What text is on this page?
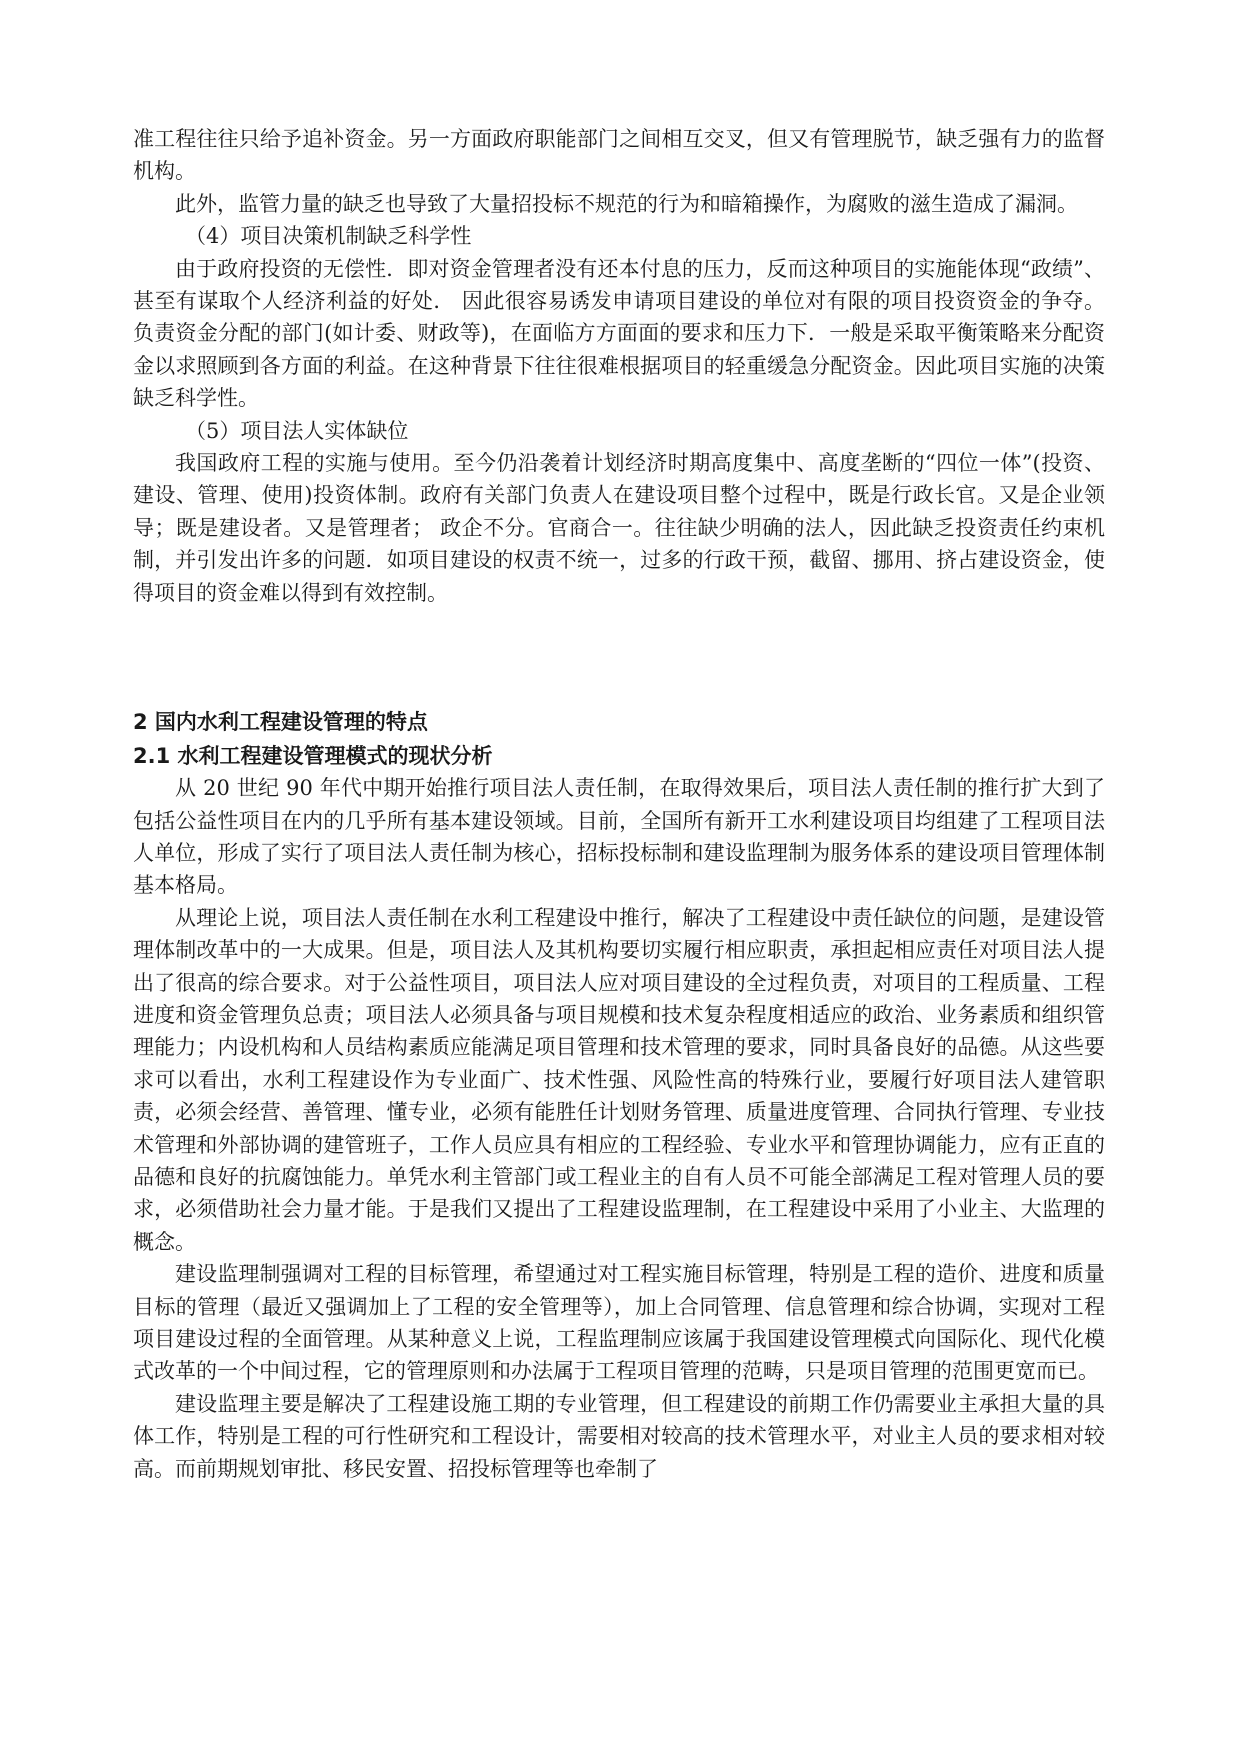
准工程往往只给予追补资金。另一方面政府职能部门之间相互交叉，但又有管理脱节，缺乏强有力的监督机构。

此外，监管力量的缺乏也导致了大量招投标不规范的行为和暗箱操作，为腐败的滋生造成了漏洞。

（4）项目决策机制缺乏科学性

由于政府投资的无偿性．即对资金管理者没有还本付息的压力，反而这种项目的实施能体现“政绩”、甚至有谋取个人经济利益的好处． 因此很容易诱发申请项目建设的单位对有限的项目投资资金的争夺。负责资金分配的部门(如计委、财政等)，在面临方方面面的要求和压力下．一般是采取平衡策略来分配资金以求照顾到各方面的利益。在这种背景下往往很难根据项目的轻重缓急分配资金。因此项目实施的决策缺乏科学性。

（5）项目法人实体缺位

我国政府工程的实施与使用。至今仍沿袭着计划经济时期高度集中、高度垄断的“四位一体”(投资、建设、管理、使用)投资体制。政府有关部门负责人在建设项目整个过程中，既是行政长官。又是企业领导；既是建设者。又是管理者； 政企不分。官商合一。往往缺少明确的法人，因此缺乏投资责任约束机制，并引发出许多的问题．如项目建设的权责不统一，过多的行政干预，截留、挪用、挤占建设资金，使得项目的资金难以得到有效控制。

2 国内水利工程建设管理的特点
2.1 水利工程建设管理模式的现状分析

从 20 世纪 90 年代中期开始推行项目法人责任制，在取得效果后，项目法人责任制的推行扩大到了包括公益性项目在内的几乎所有基本建设领域。目前，全国所有新开工水利建设项目均组建了工程项目法人单位，形成了实行了项目法人责任制为核心，招标投标制和建设监理制为服务体系的建设项目管理体制基本格局。

从理论上说，项目法人责任制在水利工程建设中推行，解决了工程建设中责任缺位的问题，是建设管理体制改革中的一大成果。但是，项目法人及其机构要切实履行相应职责，承担起相应责任对项目法人提出了很高的综合要求。对于公益性项目，项目法人应对项目建设的全过程负责，对项目的工程质量、工程进度和资金管理负总责；项目法人必须具备与项目规模和技术复杂程度相适应的政治、业务素质和组织管理能力；内设机构和人员结构素质应能满足项目管理和技术管理的要求，同时具备良好的品德。从这些要求可以看出，水利工程建设作为专业面广、技术性强、风险性高的特殊行业，要履行好项目法人建管职责，必须会经营、善管理、懂专业，必须有能胜任计划财务管理、质量进度管理、合同执行管理、专业技术管理和外部协调的建管班子，工作人员应具有相应的工程经验、专业水平和管理协调能力，应有正直的品德和良好的抗腐蚀能力。单凭水利主管部门或工程业主的自有人员不可能全部满足工程对管理人员的要求，必须借助社会力量才能。于是我们又提出了工程建设监理制，在工程建设中采用了小业主、大监理的概念。

建设监理制强调对工程的目标管理，希望通过对工程实施目标管理，特别是工程的造价、进度和质量目标的管理（最近又强调加上了工程的安全管理等），加上合同管理、信息管理和综合协调，实现对工程项目建设过程的全面管理。从某种意义上说，工程监理制应该属于我国建设管理模式向国际化、现代化模式改革的一个中间过程，它的管理原则和办法属于工程项目管理的范畴，只是项目管理的范围更宽而已。

建设监理主要是解决了工程建设施工期的专业管理，但工程建设的前期工作仍需要业主承担大量的具体工作，特别是工程的可行性研究和工程设计，需要相对较高的技术管理水平，对业主人员的要求相对较高。而前期规划审批、移民安置、招投标管理等也牵制了
